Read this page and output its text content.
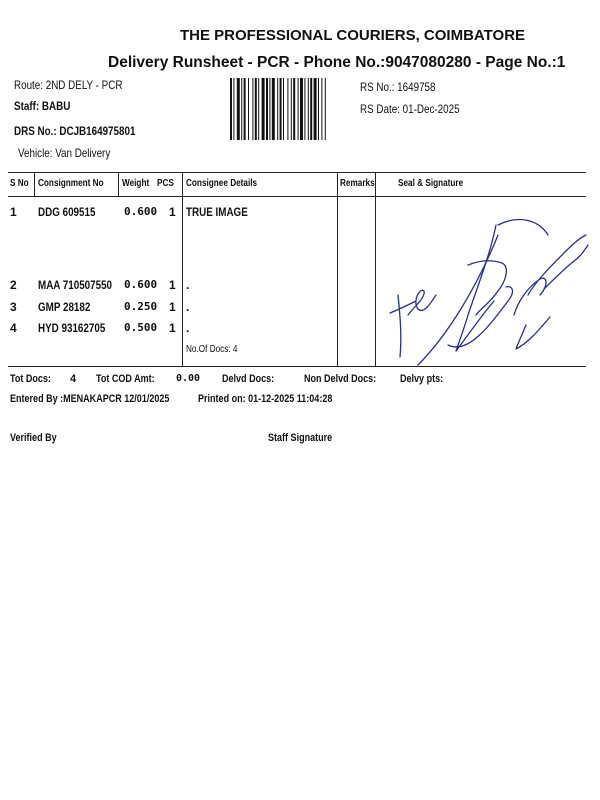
THE PROFESSIONAL COURIERS, COIMBATORE
Delivery Runsheet - PCR - Phone No.:9047080280 - Page No.:1
Route: 2ND DELY - PCR
Staff: BABU
DRS No.: DCJB164975801
Vehicle: Van Delivery
RS No.: 1649758
RS Date: 01-Dec-2025
S No Consignment No	Weight PCS	Consignee Details	Remarks	Seal & Signature
1 DDG 609515	0.600 1 TRUE IMAGE
2 MAA 710507550	0.600 1 .
3 GMP 28182	0.250 1 .
4 HYD 93162705	0.500 1 .
No.Of Docs: 4
Tot Docs:	4 Tot COD Amt:	0.00 Delvd Docs:	Non Delvd Docs:	Delvy pts:
Entered By :MENAKAPCR 12/01/2025	Printed on: 01-12-2025 11:04:28
Verified By	Staff Signature
